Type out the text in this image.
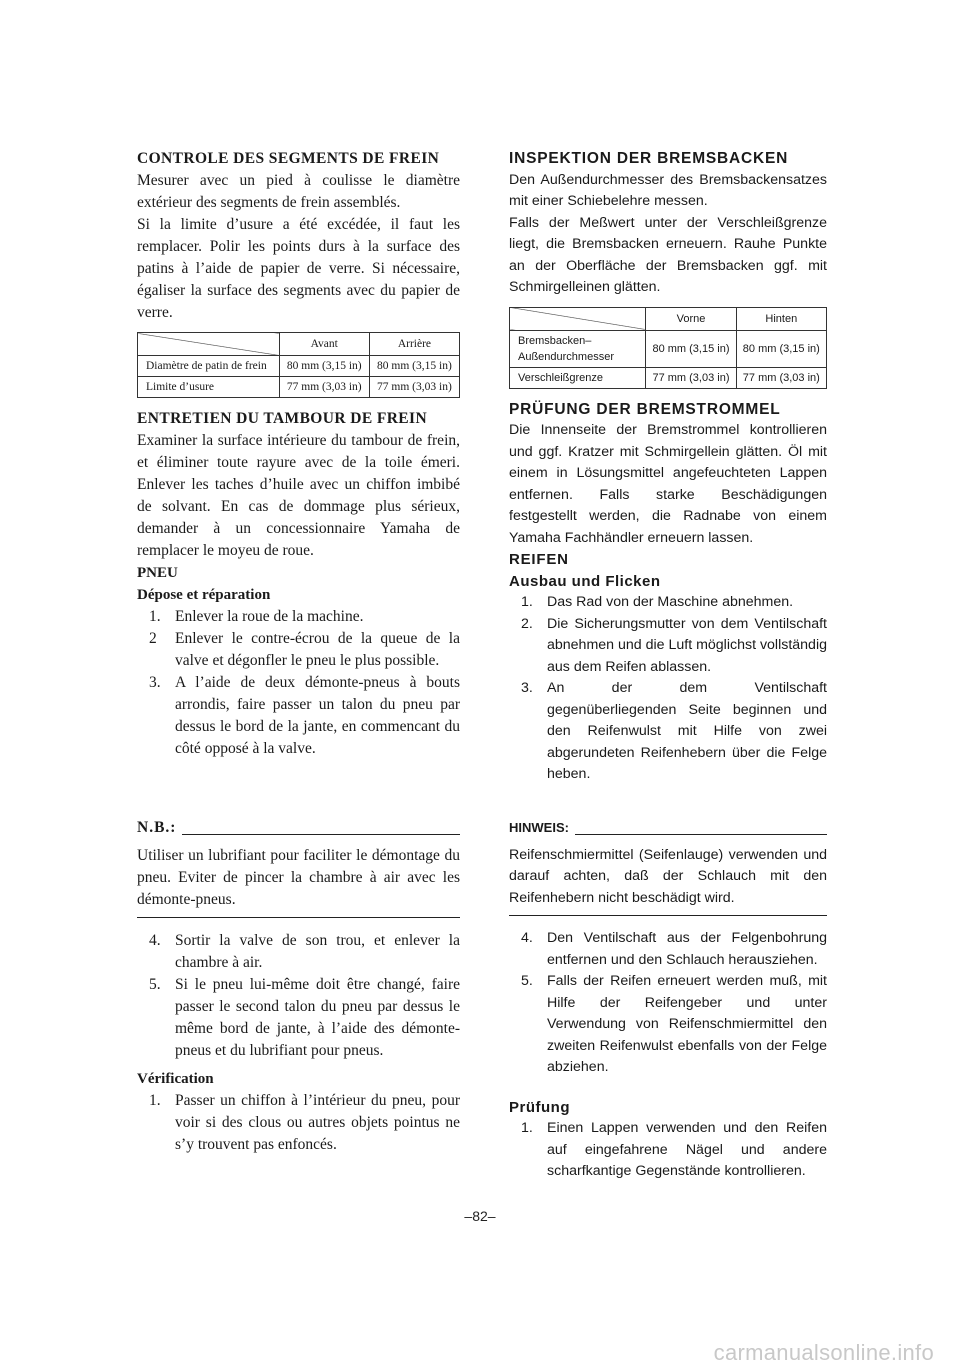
CONTROLE DES SEGMENTS DE FREIN

Mesurer avec un pied à coulisse le diamètre extérieur des segments de frein assemblés.

Si la limite d’usure a été excédée, il faut les remplacer. Polir les points durs à la surface des patins à l’aide de papier de verre. Si nécessaire, égaliser la surface des segments avec du papier de verre.

	Avant	Arrière
Diamètre de patin de frein	80 mm (3,15 in)	80 mm (3,15 in)
Limite d’usure	77 mm (3,03 in)	77 mm (3,03 in)
ENTRETIEN DU TAMBOUR DE FREIN

Examiner la surface intérieure du tambour de frein, et éliminer toute rayure avec de la toile émeri. Enlever les taches d’huile avec un chiffon imbibé de solvant. En cas de dommage plus sérieux, demander à un concessionnaire Yamaha de remplacer le moyeu de roue.

PNEU
Dépose et réparation
1. Enlever la roue de la machine.
2 Enlever le contre-écrou de la queue de la valve et dégonfler le pneu le plus possible.
3. A l’aide de deux démonte-pneus à bouts arrondis, faire passer un talon du pneu par dessus le bord de la jante, en commencant du côté opposé à la valve.
N.B.:

Utiliser un lubrifiant pour faciliter le démontage du pneu. Eviter de pincer la chambre à air avec les démonte-pneus.

4. Sortir la valve de son trou, et enlever la chambre à air.
5. Si le pneu lui-même doit être changé, faire passer le second talon du pneu par dessus le même bord de jante, à l’aide des démonte-pneus et du lubrifiant pour pneus.
Vérification
1. Passer un chiffon à l’intérieur du pneu, pour voir si des clous ou autres objets pointus ne s’y trouvent pas enfoncés.
INSPEKTION DER BREMSBACKEN

Den Außendurchmesser des Bremsbackensatzes mit einer Schiebelehre messen.

Falls der Meßwert unter der Verschleißgrenze liegt, die Bremsbacken erneuern. Rauhe Punkte an der Oberfläche der Bremsbacken ggf. mit Schmirgelleinen glätten.

	Vorne	Hinten
Bremsbacken– Außendurchmesser	80 mm (3,15 in)	80 mm (3,15 in)
Verschleißgrenze	77 mm (3,03 in)	77 mm (3,03 in)
PRÜFUNG DER BREMSTROMMEL

Die Innenseite der Bremstrommel kontrollieren und ggf. Kratzer mit Schmirgellein glätten. Öl mit einem in Lösungsmittel angefeuchteten Lappen entfernen. Falls starke Beschädigungen festgestellt werden, die Radnabe von einem Yamaha Fachhändler erneuern lassen.

REIFEN
Ausbau und Flicken
1. Das Rad von der Maschine abnehmen.
2. Die Sicherungsmutter von dem Ventilschaft abnehmen und die Luft möglichst vollständig aus dem Reifen ablassen.
3. An der dem Ventilschaft gegenüberliegenden Seite beginnen und den Reifenwulst mit Hilfe von zwei abgerundeten Reifenhebern über die Felge heben.
HINWEIS:

Reifenschmiermittel (Seifenlauge) verwenden und darauf achten, daß der Schlauch mit den Reifenhebern nicht beschädigt wird.

4. Den Ventilschaft aus der Felgenbohrung entfernen und den Schlauch herausziehen.
5. Falls der Reifen erneuert werden muß, mit Hilfe der Reifengeber und unter Verwendung von Reifenschmiermittel den zweiten Reifenwulst ebenfalls von der Felge abziehen.
Prüfung
1. Einen Lappen verwenden und den Reifen auf eingefahrene Nägel und andere scharfkantige Gegenstände kontrollieren.
–82–
carmanualsonline.info
